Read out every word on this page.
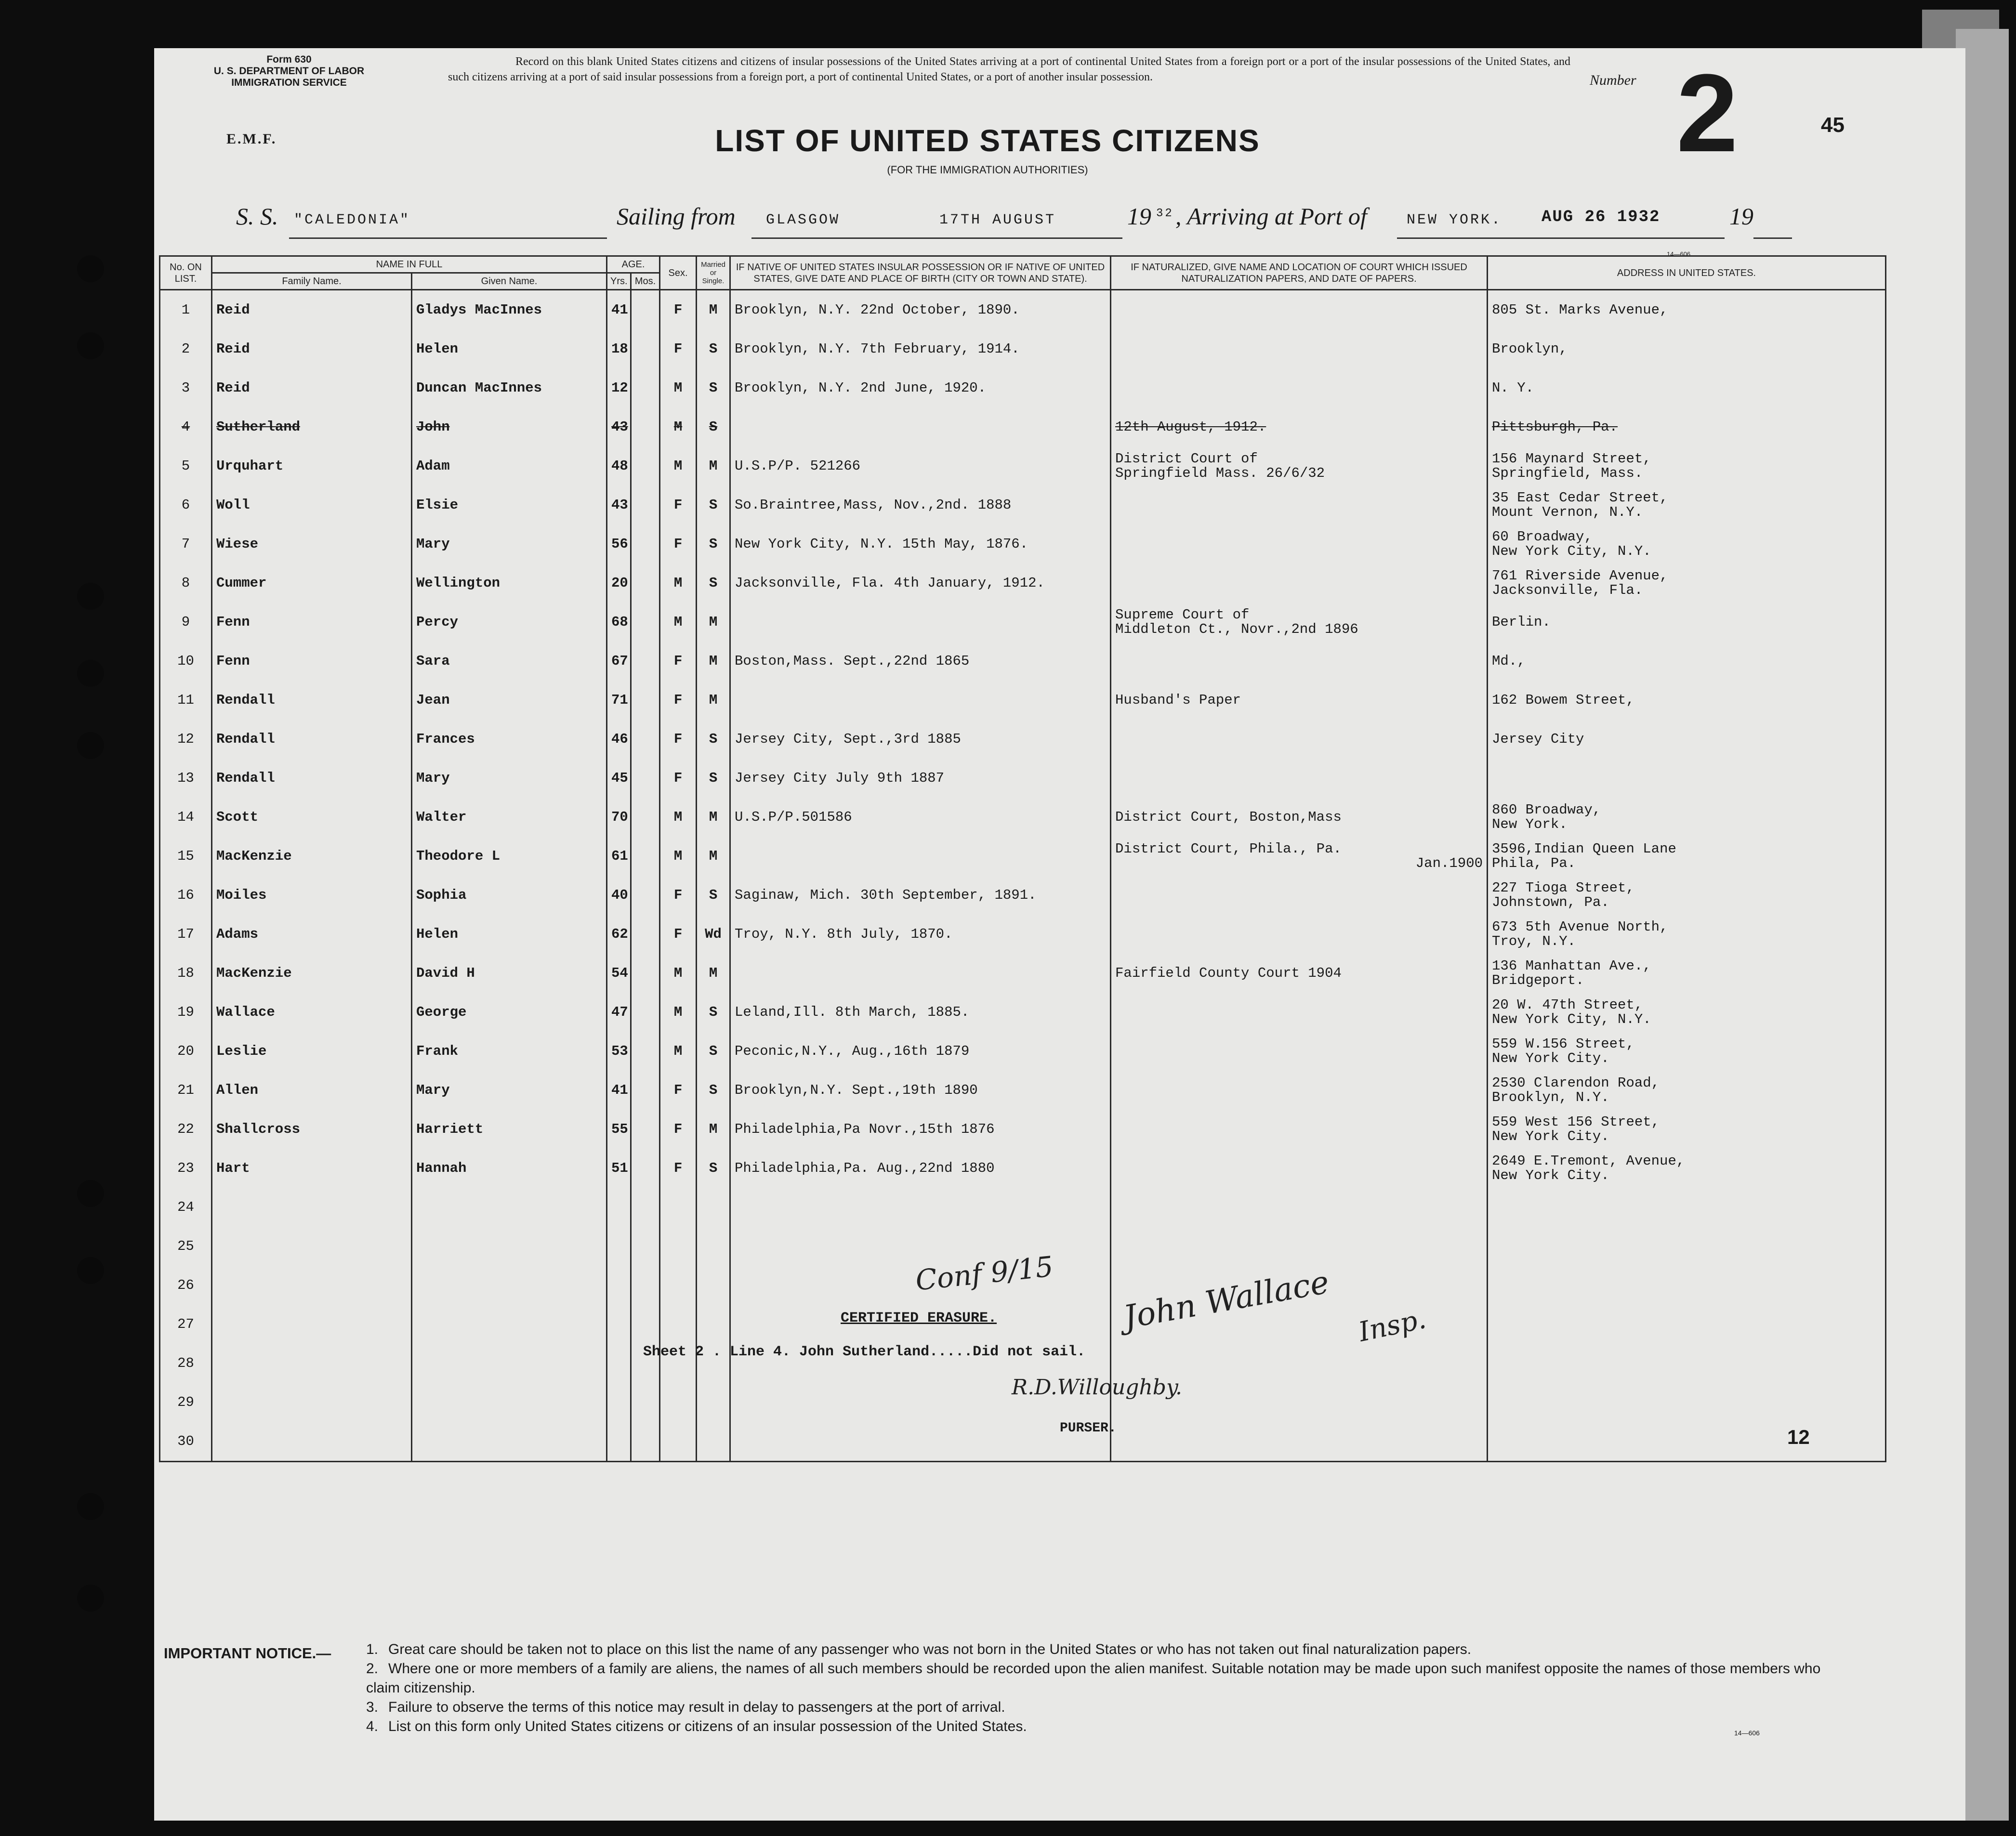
Form 630
U. S. DEPARTMENT OF LABOR
IMMIGRATION SERVICE
Record on this blank United States citizens and citizens of insular possessions of the United States arriving at a port of continental United States from a foreign port or a port of the insular possessions of the United States, and such citizens arriving at a port of said insular possessions from a foreign port, a port of continental United States, or a port of another insular possession.	Number 2	45
E.M.F.	LIST OF UNITED STATES CITIZENS
(FOR THE IMMIGRATION AUTHORITIES)
14—606
S. S. "CALEDONIA"	Sailing from GLASGOW	17TH AUGUST	19 32 , Arriving at Port of	NEW YORK. AUG 26 1932	19
No. ON LIST.	NAME IN FULL		AGE.		Sex.	Married or Single.	IF NATIVE OF UNITED STATES INSULAR POSSESSION OR IF NATIVE OF UNITED STATES, GIVE DATE AND PLACE OF BIRTH (CITY OR TOWN AND STATE).	IF NATURALIZED, GIVE NAME AND LOCATION OF COURT WHICH ISSUED NATURALIZATION PAPERS, AND DATE OF PAPERS.	ADDRESS IN UNITED STATES.
	Family Name.	Given Name.	Yrs.	Mos.					
1	Reid	Gladys MacInnes	41		F	M	Brooklyn, N.Y. 22nd October, 1890.		805 St. Marks Avenue,

2	Reid	Helen	18		F	S	Brooklyn, N.Y. 7th February, 1914.		Brooklyn,

3	Reid	Duncan MacInnes	12		M	S	Brooklyn, N.Y. 2nd June, 1920.		N. Y.

4	Sutherland	John	43		M	S		12th August, 1912.	Pittsburgh, Pa.

5	Urquhart	Adam	48		M	M	U.S.P/P. 521266	District Court of
Springfield Mass. 26/6/32	156 Maynard Street,
Springfield, Mass.

6	Woll	Elsie	43		F	S	So.Braintree,Mass, Nov.,2nd. 1888		35 East Cedar Street,
Mount Vernon, N.Y.

7	Wiese	Mary	56		F	S	New York City, N.Y. 15th May, 1876.		60 Broadway,
New York City, N.Y.

8	Cummer	Wellington	20		M	S	Jacksonville, Fla. 4th January, 1912.		761 Riverside Avenue,
Jacksonville, Fla.

9	Fenn	Percy	68		M	M		Supreme Court of
Middleton Ct., Novr.,2nd 1896	Berlin.

10	Fenn	Sara	67		F	M	Boston,Mass. Sept.,22nd 1865		Md.,

11	Rendall	Jean	71		F	M		Husband's Paper	162 Bowem Street,

12	Rendall	Frances	46		F	S	Jersey City, Sept.,3rd 1885		Jersey City

13	Rendall	Mary	45		F	S	Jersey City July 9th 1887	

14	Scott	Walter	70		M	M	U.S.P/P.501586	District Court, Boston,Mass	860 Broadway,
New York.

15	MacKenzie	Theodore L	61		M	M		District Court, Phila., Pa.
Jan.1900	3596,Indian Queen Lane
Phila, Pa.

16	Moiles	Sophia	40		F	S	Saginaw, Mich. 30th September, 1891.		227 Tioga Street,
Johnstown, Pa.

17	Adams	Helen	62		F	Wd	Troy, N.Y. 8th July, 1870.		673 5th Avenue North,
Troy, N.Y.

18	MacKenzie	David H	54		M	M		Fairfield County Court 1904	136 Manhattan Ave.,
Bridgeport.

19	Wallace	George	47		M	S	Leland,Ill. 8th March, 1885.		20 W. 47th Street,
New York City, N.Y.

20	Leslie	Frank	53		M	S	Peconic,N.Y., Aug.,16th 1879		559 W.156 Street,
New York City.

21	Allen	Mary	41		F	S	Brooklyn,N.Y. Sept.,19th 1890		2530 Clarendon Road,
Brooklyn, N.Y.

22	Shallcross	Harriett	55		F	M	Philadelphia,Pa Novr.,15th 1876		559 West 156 Street,
New York City.

23	Hart	Hannah	51		F	S	Philadelphia,Pa. Aug.,22nd 1880		2649 E.Tremont, Avenue,
New York City.

24								

25								

26								

27								

28								

29								

30								

CERTIFIED ERASURE.
Sheet 2 . Line 4. John Sutherland.....Did not sail.
R.D.Willoughby.
PURSER.
Conf 9/15 John Wallace Insp.
12
IMPORTANT NOTICE.— 1. Great care should be taken not to place on this list the name of any passenger who was not born in the United States or who has not taken out final naturalization papers.
2. Where one or more members of a family are aliens, the names of all such members should be recorded upon the alien manifest. Suitable notation may be made upon such manifest opposite the names of those members who claim citizenship.
3. Failure to observe the terms of this notice may result in delay to passengers at the port of arrival.
4. List on this form only United States citizens or citizens of an insular possession of the United States.	14—606
